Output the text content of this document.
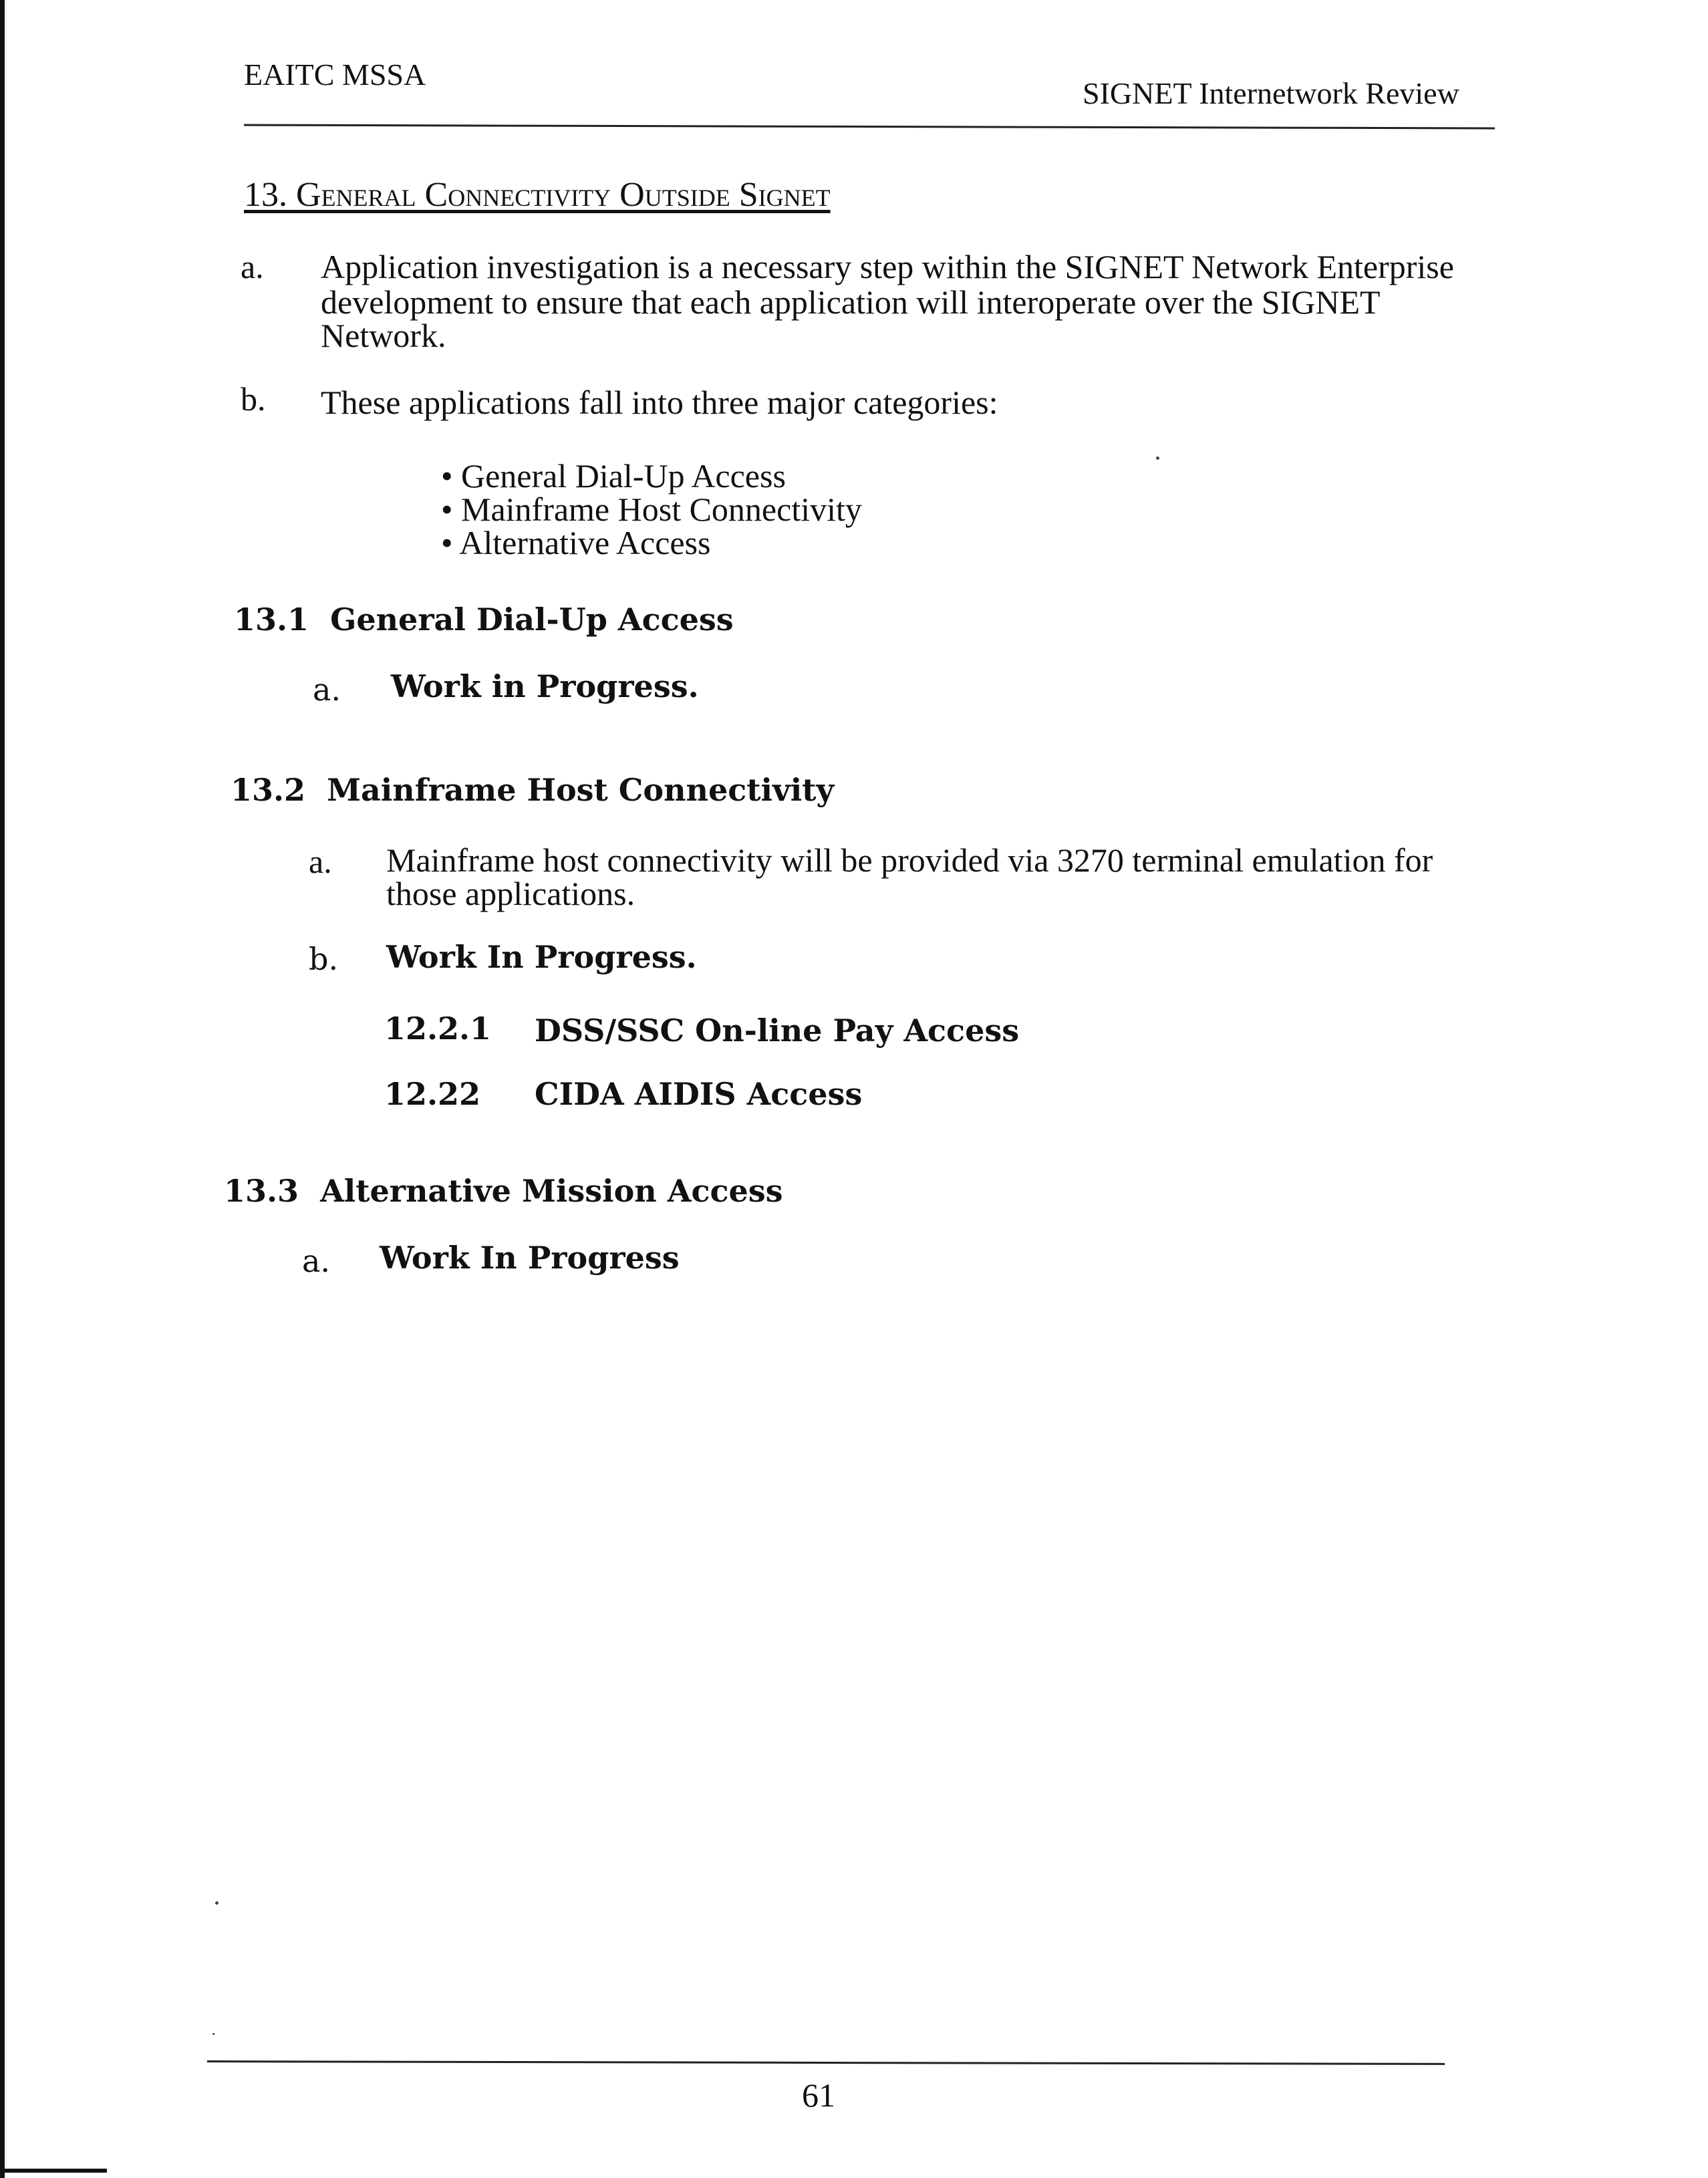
EAITC MSSA
SIGNET Internetwork Review
13. General Connectivity Outside Signet
a. Application investigation is a necessary step within the SIGNET Network Enterprise
development to ensure that each application will interoperate over the SIGNET
Network.
b. These applications fall into three major categories:
• General Dial-Up Access
• Mainframe Host Connectivity
• Alternative Access
13.1  General Dial-Up Access
a. Work in Progress.
13.2  Mainframe Host Connectivity
a. Mainframe host connectivity will be provided via 3270 terminal emulation for
those applications.
b. Work In Progress.
12.2.1 DSS/SSC On-line Pay Access
12.22 CIDA AIDIS Access
13.3  Alternative Mission Access
a. Work In Progress
61
